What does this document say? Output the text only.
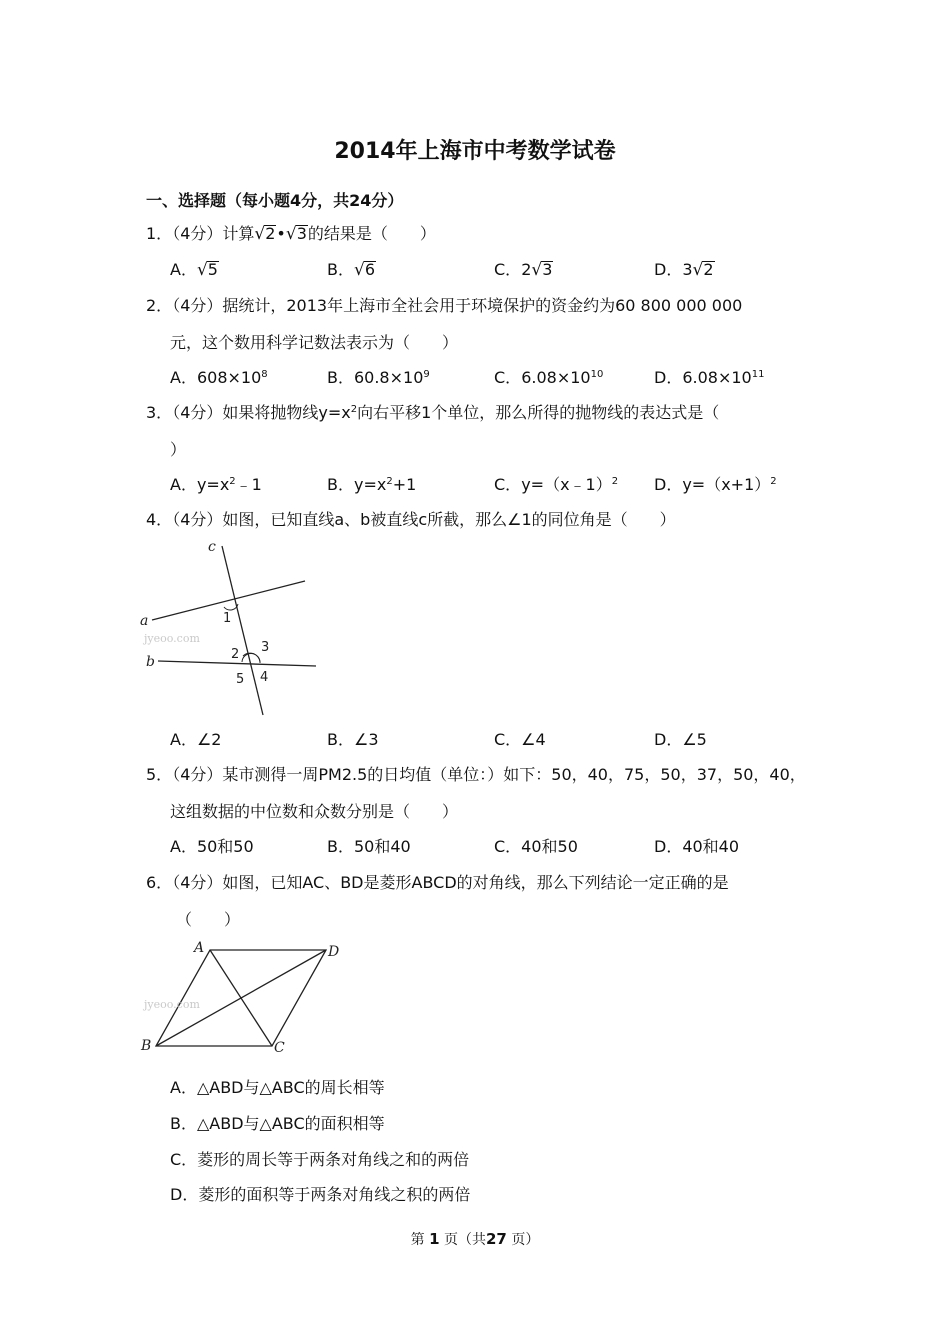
2014年上海市中考数学试卷
一、选择题（每小题4分，共24分）
1．（4分）计算√2•√3的结果是（　　）
A．√5	B．√6	C．2√3	D．3√2
2．（4分）据统计，2013年上海市全社会用于环境保护的资金约为60 800 000 000
元，这个数用科学记数法表示为（　　）
A．$608\times 10^8$	B．$60.8\times 10^9$	C．$6.08\times 10^{10}$	D．$6.08\times 10^{11}$
3．（4分）如果将抛物线$y=x^2$向右平移1个单位，那么所得的抛物线的表达式是（
）
A．$y=x^2﹣1$	B．$y=x^2+1$	C．y=（x﹣1）$^2$ D．$y=(x+1)^2$
4．（4分）如图，已知直线a、b被直线c所截，那么∠1的同位角是（　　）
c
a
b
1
2 3
4
5
jyeoo.com
A．∠2	B．∠3	C．∠4	D．∠5
5．（4分）某市测得一周PM2.5的日均值（单位：）如下：50，40，75，50，37，50，40，
这组数据的中位数和众数分别是（　　）
A．50和50	B．50和40	C．40和50	D．40和40
6．（4分）如图，已知AC、BD是菱形ABCD的对角线，那么下列结论一定正确的是
（　　）
A	D
B	C
jyeoo.com
A．△ABD与△ABC的周长相等
B．△ABD与△ABC的面积相等
C．菱形的周长等于两条对角线之和的两倍
D．菱形的面积等于两条对角线之积的两倍
第 1 页（共27 页）
